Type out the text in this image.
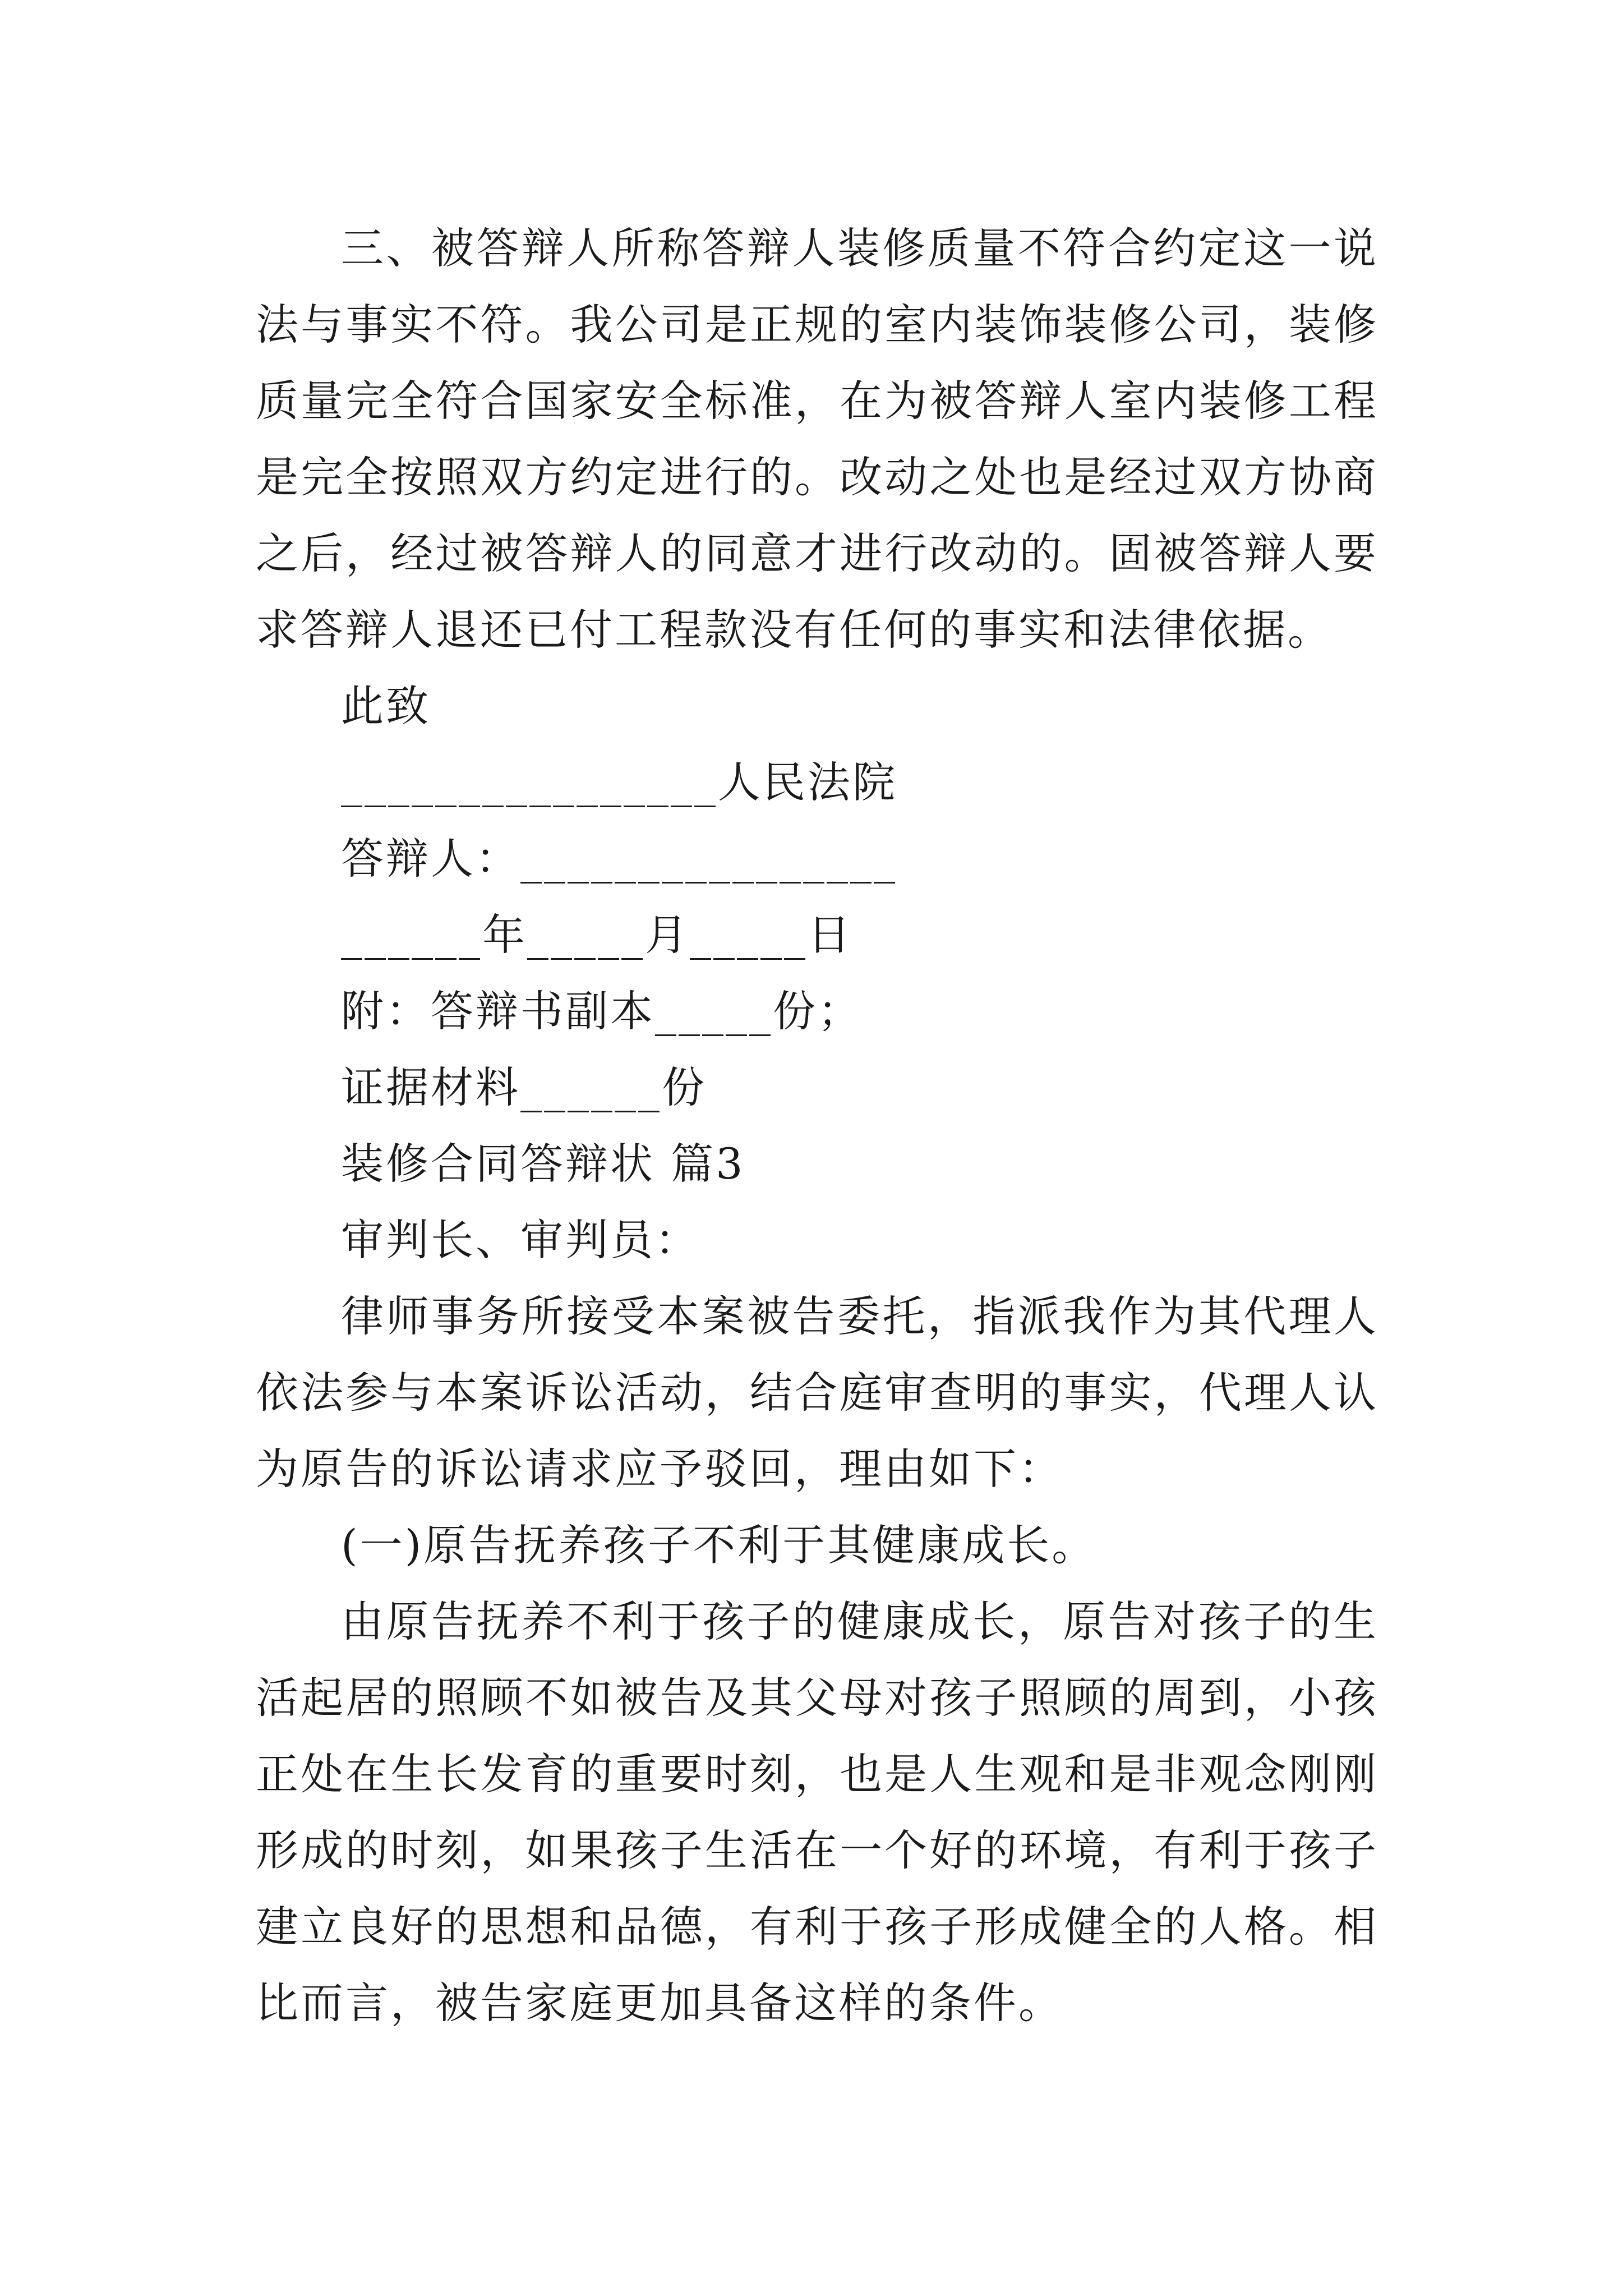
三、被答辩人所称答辩人装修质量不符合约定这一说法与事实不符。我公司是正规的室内装饰装修公司，装修质量完全符合国家安全标准，在为被答辩人室内装修工程是完全按照双方约定进行的。改动之处也是经过双方协商之后，经过被答辩人的同意才进行改动的。固被答辩人要求答辩人退还已付工程款没有任何的事实和法律依据。

此致

________________人民法院

答辩人：________________

______年_____月_____日

附：答辩书副本_____份；

证据材料______份

装修合同答辩状 篇3

审判长、审判员：

律师事务所接受本案被告委托，指派我作为其代理人依法参与本案诉讼活动，结合庭审查明的事实，代理人认为原告的诉讼请求应予驳回，理由如下：

(一)原告抚养孩子不利于其健康成长。

由原告抚养不利于孩子的健康成长，原告对孩子的生活起居的照顾不如被告及其父母对孩子照顾的周到，小孩正处在生长发育的重要时刻，也是人生观和是非观念刚刚形成的时刻，如果孩子生活在一个好的环境，有利于孩子建立良好的思想和品德，有利于孩子形成健全的人格。相比而言，被告家庭更加具备这样的条件。
